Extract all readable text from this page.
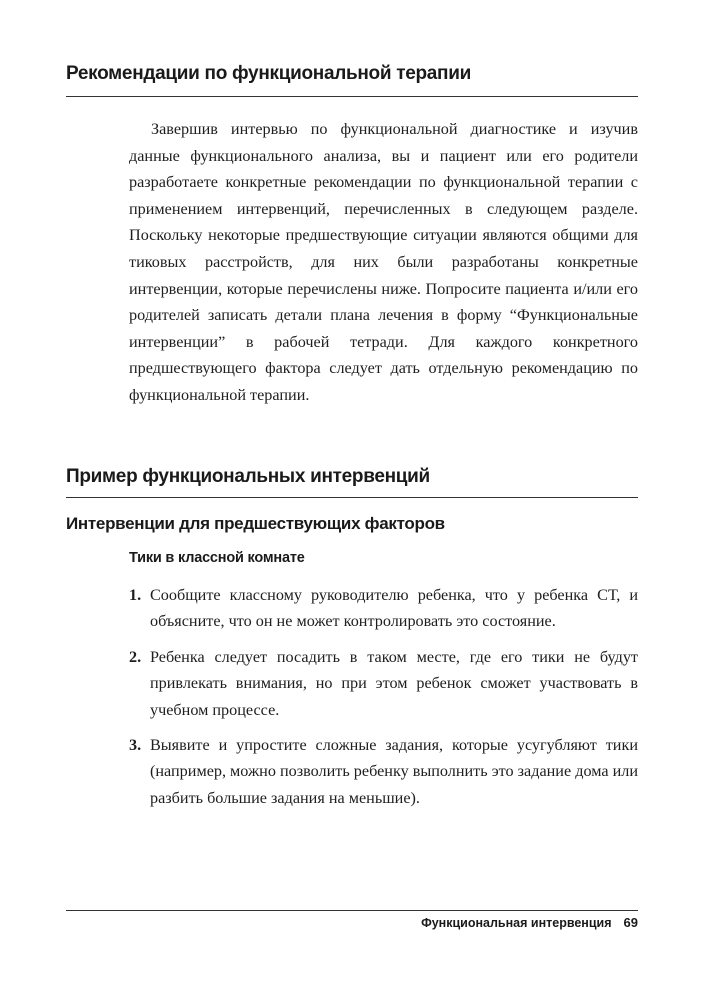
Рекомендации по функциональной терапии

Завершив интервью по функциональной диагностике и изучив данные функционального анализа, вы и пациент или его родители разработаете конкретные рекомендации по функциональной терапии с применением интервенций, перечисленных в следующем разделе. Поскольку некоторые предшествующие ситуации являются общими для тиковых расстройств, для них были разработаны конкретные интервенции, которые перечислены ниже. Попросите пациента и/или его родителей записать детали плана лечения в форму “Функциональные интервенции” в рабочей тетради. Для каждого конкретного предшествующего фактора следует дать отдельную рекомендацию по функциональной терапии.

Пример функциональных интервенций
Интервенции для предшествующих факторов
Тики в классной комнате
1. Сообщите классному руководителю ребенка, что у ребенка СТ, и объясните, что он не может контролировать это состояние.
2. Ребенка следует посадить в таком месте, где его тики не будут привлекать внимания, но при этом ребенок сможет участвовать в учебном процессе.
3. Выявите и упростите сложные задания, которые усугубляют тики (например, можно позволить ребенку выполнить это задание дома или разбить большие задания на меньшие).
Функциональная интервенция 69
